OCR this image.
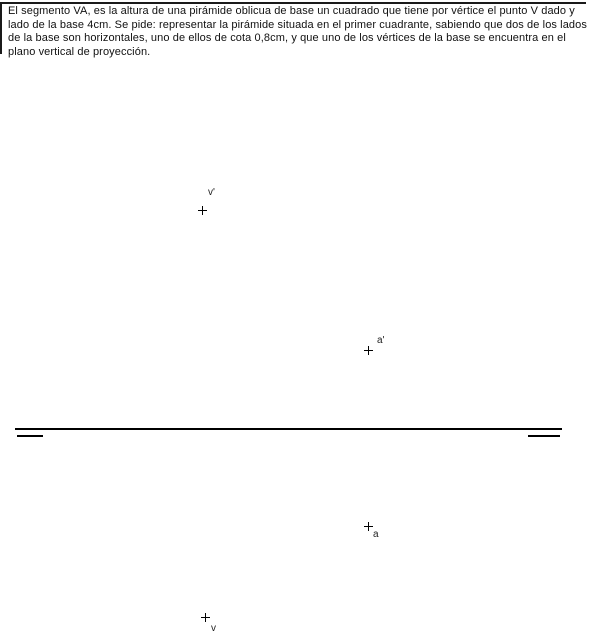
El segmento VA, es la altura de una pirámide oblicua de base un cuadrado que tiene por vértice el punto V dado y lado de la base 4cm. Se pide: representar la pirámide situada en el primer cuadrante, sabiendo que dos de los lados de la base son horizontales, uno de ellos de cota 0,8cm, y que uno de los vértices de la base se encuentra en el plano vertical de proyección.
v'
a'
a
v
